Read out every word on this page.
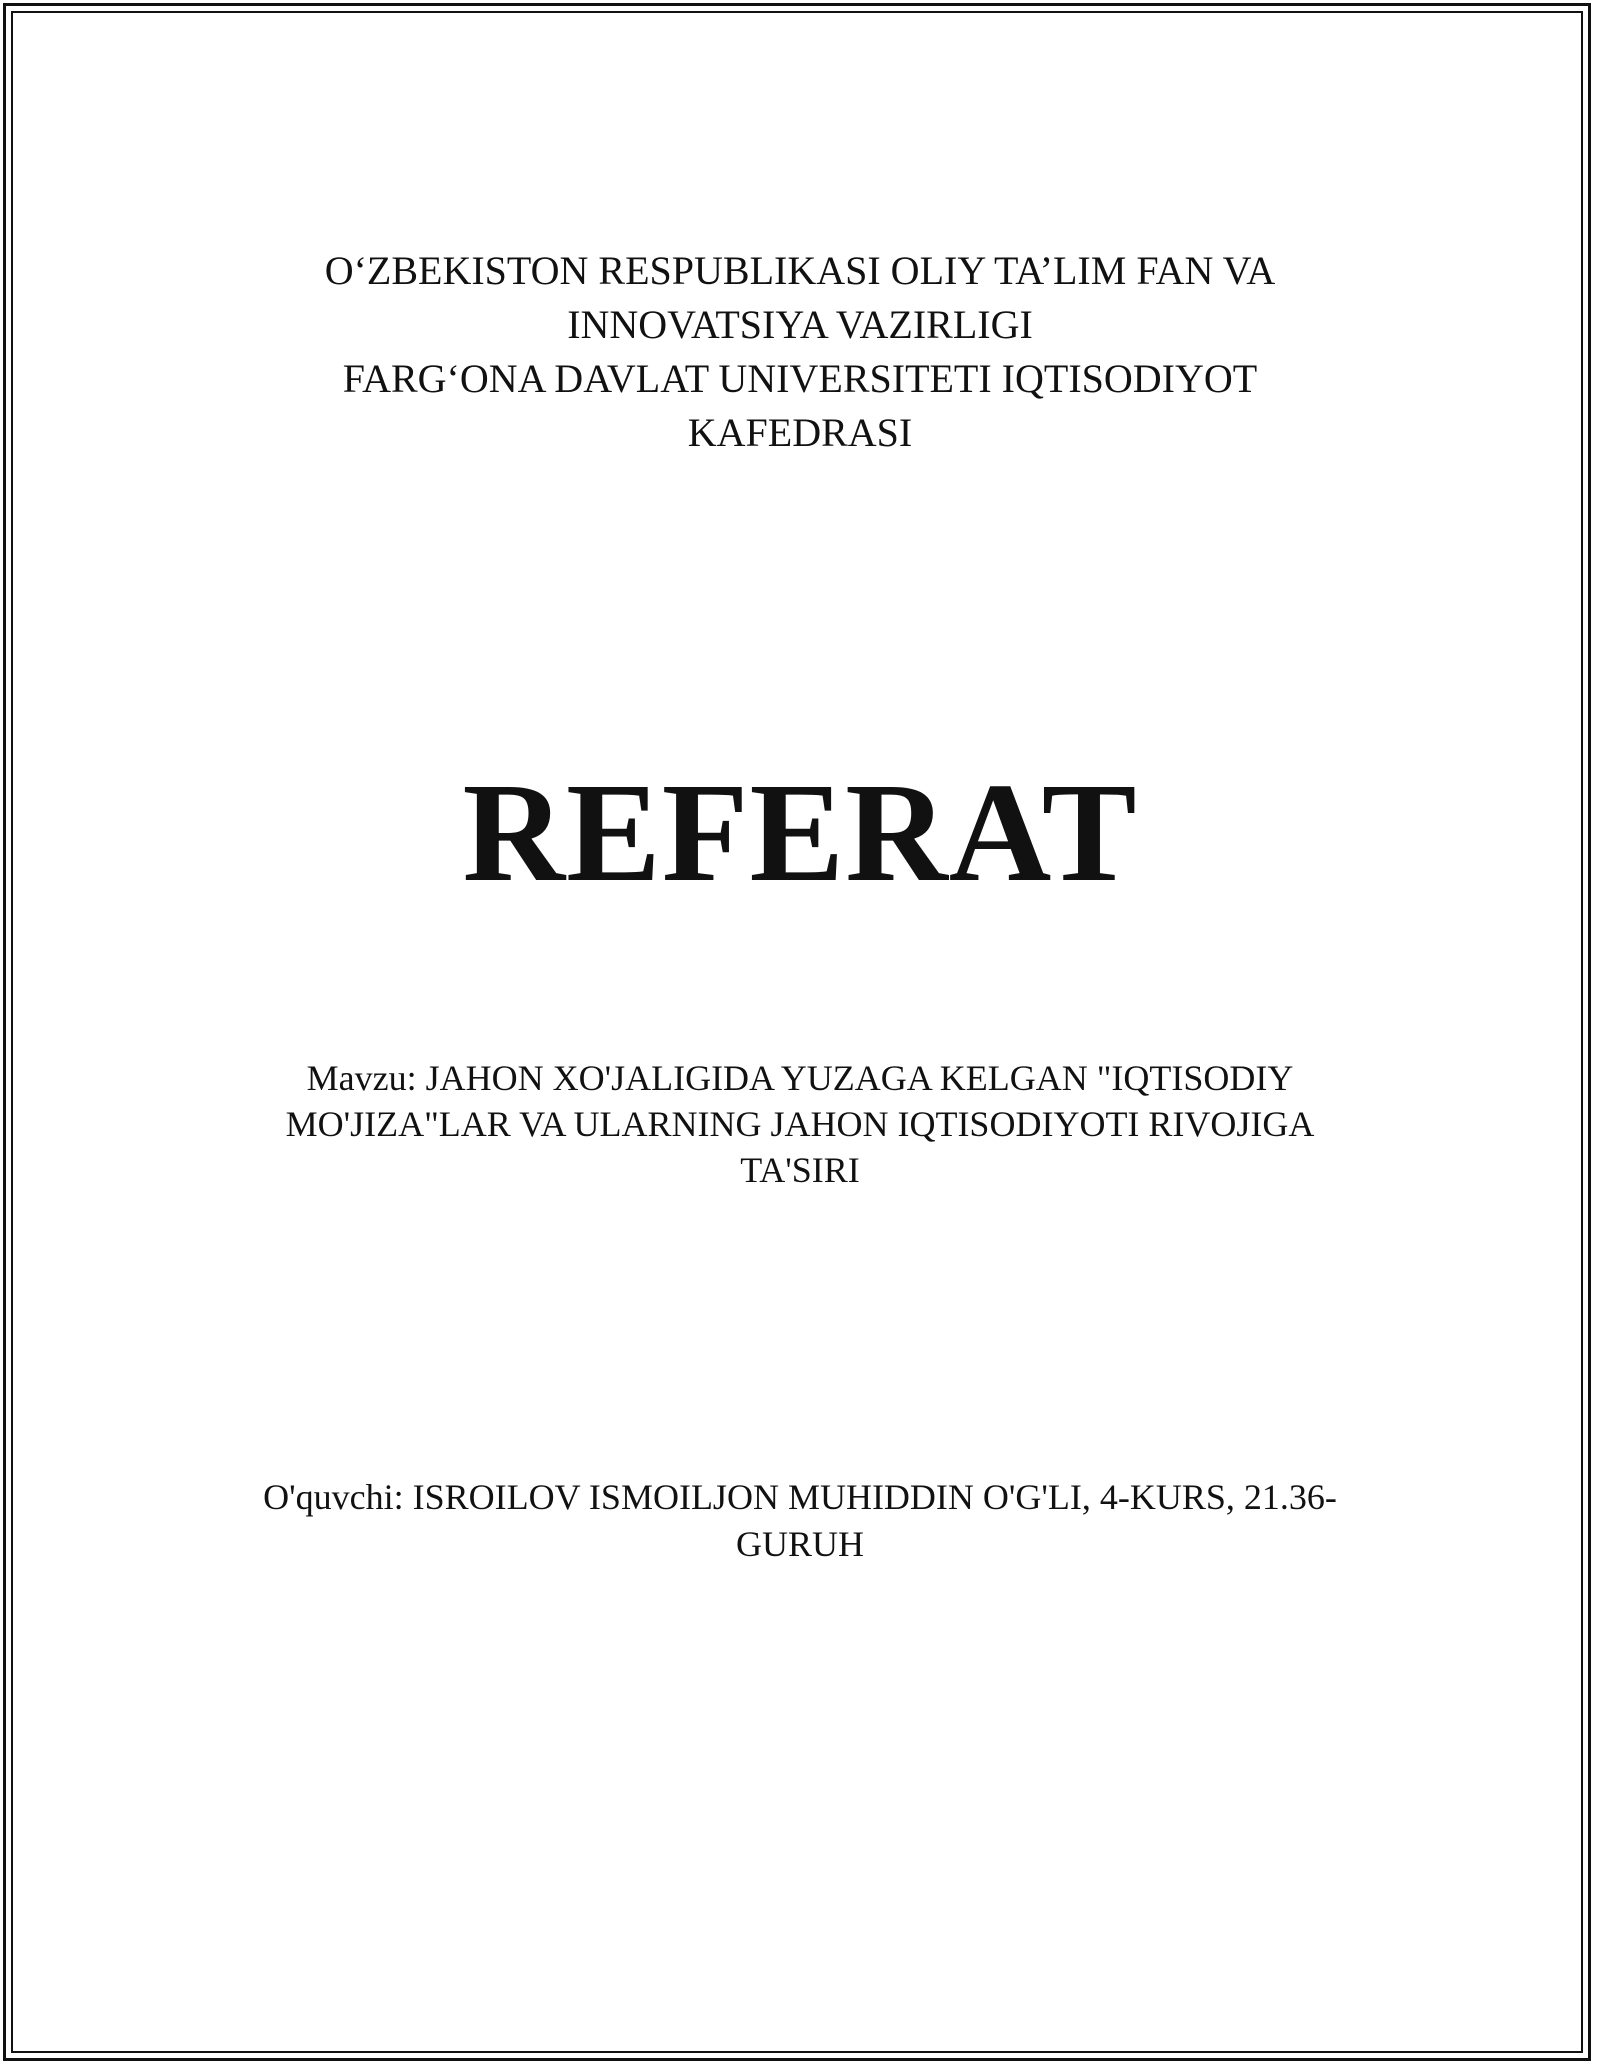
O‘ZBEKISTON RESPUBLIKASI OLIY TA’LIM FAN VA
INNOVATSIYA VAZIRLIGI
FARG‘ONA DAVLAT UNIVERSITETI IQTISODIYOT
KAFEDRASI
REFERAT
Mavzu: JAHON XO'JALIGIDA YUZAGA KELGAN "IQTISODIY
MO'JIZA"LAR VA ULARNING JAHON IQTISODIYOTI RIVOJIGA
TA'SIRI
O'quvchi: ISROILOV ISMOILJON MUHIDDIN O'G'LI, 4-KURS, 21.36-
GURUH
